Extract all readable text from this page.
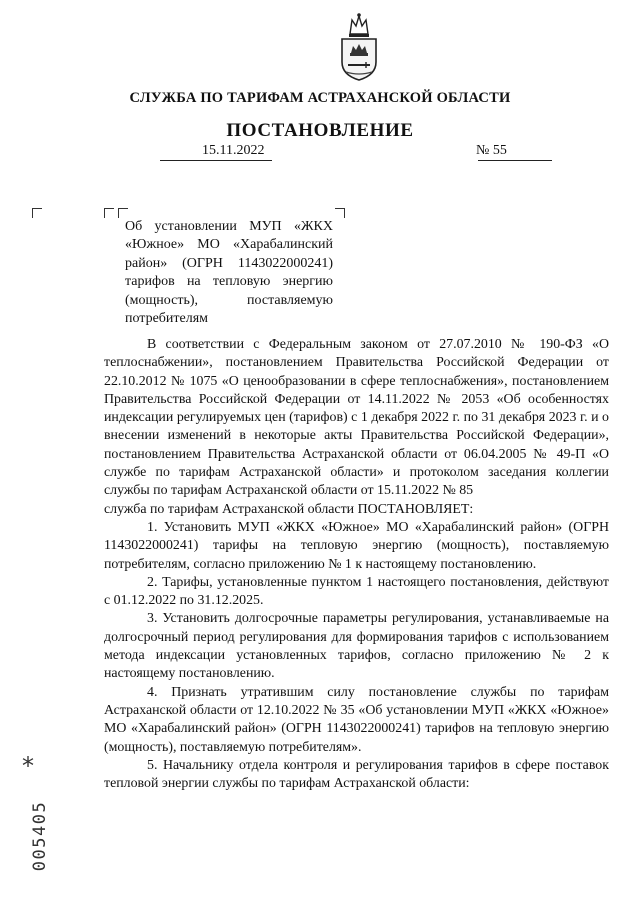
СЛУЖБА ПО ТАРИФАМ АСТРАХАНСКОЙ ОБЛАСТИ
ПОСТАНОВЛЕНИЕ
15.11.2022	№ 55
Об установлении МУП «ЖКХ «Южное» МО «Харабалинский район» (ОГРН 1143022000241) тарифов на тепловую энергию (мощность), поставляемую потребителям

В соответствии с Федеральным законом от 27.07.2010 № 190-ФЗ «О теплоснабжении», постановлением Правительства Российской Федерации от 22.10.2012 № 1075 «О ценообразовании в сфере теплоснабжения», постановлением Правительства Российской Федерации от 14.11.2022 № 2053 «Об особенностях индексации регулируемых цен (тарифов) с 1 декабря 2022 г. по 31 декабря 2023 г. и о внесении изменений в некоторые акты Правительства Российской Федерации», постановлением Правительства Астраханской области от 06.04.2005 № 49-П «О службе по тарифам Астраханской области» и протоколом заседания коллегии службы по тарифам Астраханской области от 15.11.2022 № 85

служба по тарифам Астраханской области ПОСТАНОВЛЯЕТ:

1. Установить МУП «ЖКХ «Южное» МО «Харабалинский район» (ОГРН 1143022000241) тарифы на тепловую энергию (мощность), поставляемую потребителям, согласно приложению № 1 к настоящему постановлению.

2. Тарифы, установленные пунктом 1 настоящего постановления, действуют с 01.12.2022 по 31.12.2025.

3. Установить долгосрочные параметры регулирования, устанавливаемые на долгосрочный период регулирования для формирования тарифов с использованием метода индексации установленных тарифов, согласно приложению № 2 к настоящему постановлению.

4. Признать утратившим силу постановление службы по тарифам Астраханской области от 12.10.2022 № 35 «Об установлении МУП «ЖКХ «Южное» МО «Харабалинский район» (ОГРН 1143022000241) тарифов на тепловую энергию (мощность), поставляемую потребителям».

5. Начальнику отдела контроля и регулирования тарифов в сфере поставок тепловой энергии службы по тарифам Астраханской области:

*
005405
